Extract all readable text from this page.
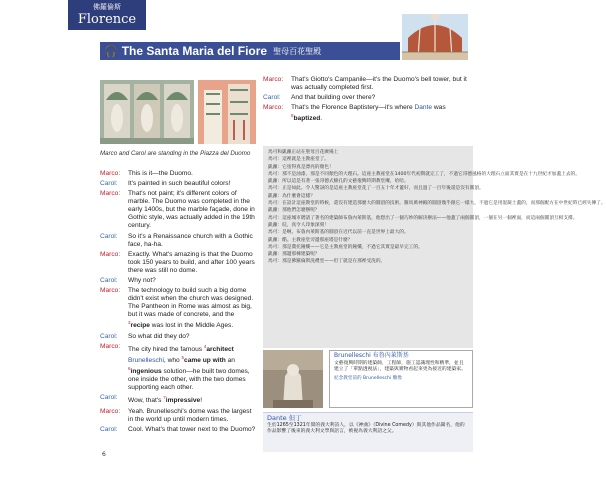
佛羅倫斯
Florence
🎧 The Santa Maria del Fiore 聖母百花聖殿
Marco and Carol are standing in the Piazza del Duomo
Marco:	This is it—the Duomo.
Carol:	It's painted in such beautiful colors!
Marco:	That's not paint; it's different colors of marble. The Duomo was completed in the early 1400s, but the marble façade, done in Gothic style, was actually added in the 19th century.
Carol:	So it's a Renaissance church with a Gothic face, ha-ha.
Marco:	Exactly. What's amazing is that the Duomo took 150 years to build, and after 100 years there was still no dome.
Carol:	Why not?
Marco:	The technology to build such a big dome didn't exist when the church was designed. The Pantheon in Rome was almost as big, but it was made of concrete, and the $^3$recipe was lost in the Middle Ages.
Carol:	So what did they do?
Marco:	The city hired the famous $^4$architect Brunelleschi, who $^5$came up with an $^6$ingenious solution—he built two domes, one inside the other, with the two domes supporting each other.
Carol:	Wow, that's $^7$impressive!
Marco:	Yeah. Brunelleschi's dome was the largest in the world up until modern times.
Carol:	Cool. What's that tower next to the Duomo?
Marco:	That's Giotto's Campanile—it's the Duomo's bell tower, but it was actually completed first.
Carol:	And that building over there?
Marco:	That's the Florence Baptistery—it's where Dante was $^8$baptized.
馬可和凱蘿正站在聖母百花廣場上
馬可：這裡就是主教座堂了。
凱蘿：它塗得真是漂亮的顏色！
馬可：那不是油漆，那是不同顏色的大理石。這座主教座堂在1400年代初期就完工了，不過它哥德風格的大理石立面其實是在十九世紀才加蓋上去的。
凱蘿：所以這是有著一張哥德式臉孔的文藝復興時期教堂囉，哈哈。
馬可：正是如此。令人驚訝的是這座主教座堂花了一百五十年才蓋好，而且過了一百年後還是沒有圓頂。
凱蘿：為什麼會這樣？
馬可：在設計這座教堂的時候，還沒有建造那麼大的圓頂的技術。羅馬萬神殿的圓頂幾乎跟它一樣大，不過它是用混凝土蓋的，而那個配方在中世紀時已經失傳了。
凱蘿：那他們怎麼辦呢？
馬可：這座城市聘請了著名的建築師布魯內萊斯基，他想出了一個巧妙的解決辦法——他蓋了兩個圓頂，一個在另一個裡面，而這兩個圓頂互相支撐。
凱蘿：哇，真令人印象深刻！
馬可：是啊。布魯內萊斯基的圓頂在近代以前一直是世界上最大的。
凱蘿：酷。主教座堂旁邊那座塔是什麼？
馬可：那是喬托鐘樓——它是主教座堂的鐘樓，不過它其實是最早完工的。
凱蘿：那邊那棟建築呢？
馬可：那是佛羅倫斯洗禮堂——但丁就是在那裡受洗的。
Brunelleschi 布魯內萊斯基
文藝復興時期的建築師，工程師，施工認識理性和精準，並且建立了「單點透視法」，建築與實物看起來更為接近的建築家。
紀念教堂前的 Brunelleschi 雕像
Dante 但丁
生於1265至1321年間的義大利詩人，以《神曲》（Divine Comedy）與其他作品聞名，他的作品影響了後來的義大利文學與語言，被視為義大利語之父。
6
